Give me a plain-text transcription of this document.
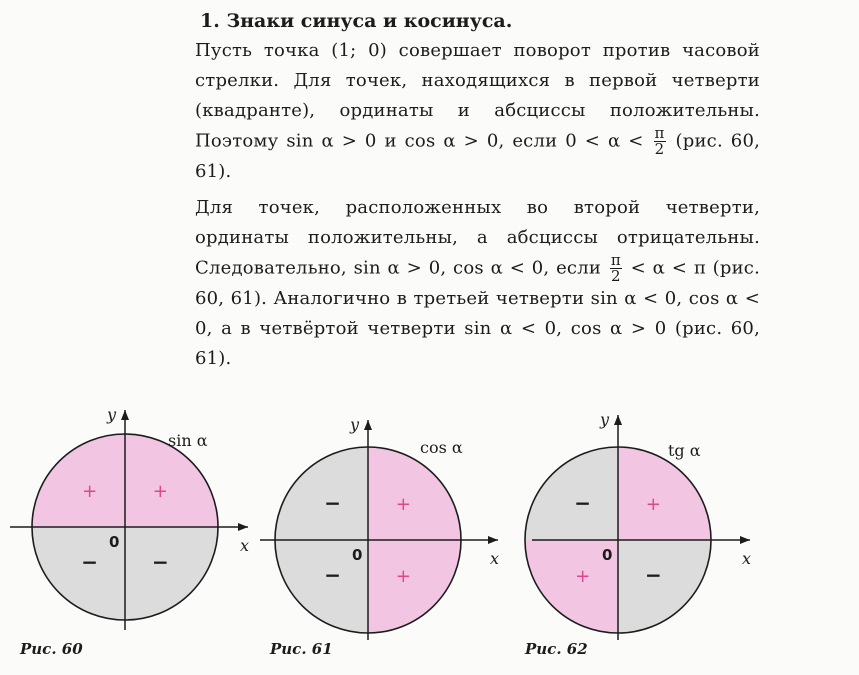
1. Знаки синуса и косинуса.

Пусть точка (1; 0) совершает поворот против часовой стрелки. Для точек, находящихся в первой четверти (квадранте), ординаты и абсциссы положительны. Поэтому sin α > 0 и cos α > 0, если $0 < \alpha < \frac{\pi}{2} (рис$. 60, 61).

Для точек, расположенных во второй четверти, ординаты положительны, а абсциссы отрицательны. Следовательно, sin α > 0, cos α < 0, если $\frac{\pi}{2} < \alpha < \pi$ (рис. 60, 61). Аналогично в третьей четверти sin α < 0, cos α < 0, а в четвёртой четверти sin α < 0, cos α > 0 (рис. 60, 61).

y
x
0
sin α
+
+
−	−
y
x
0
cos α
+
−
−	+
y
x
0
tg α
+
−
+	−
Рис. 60	Рис. 61	Рис. 62
